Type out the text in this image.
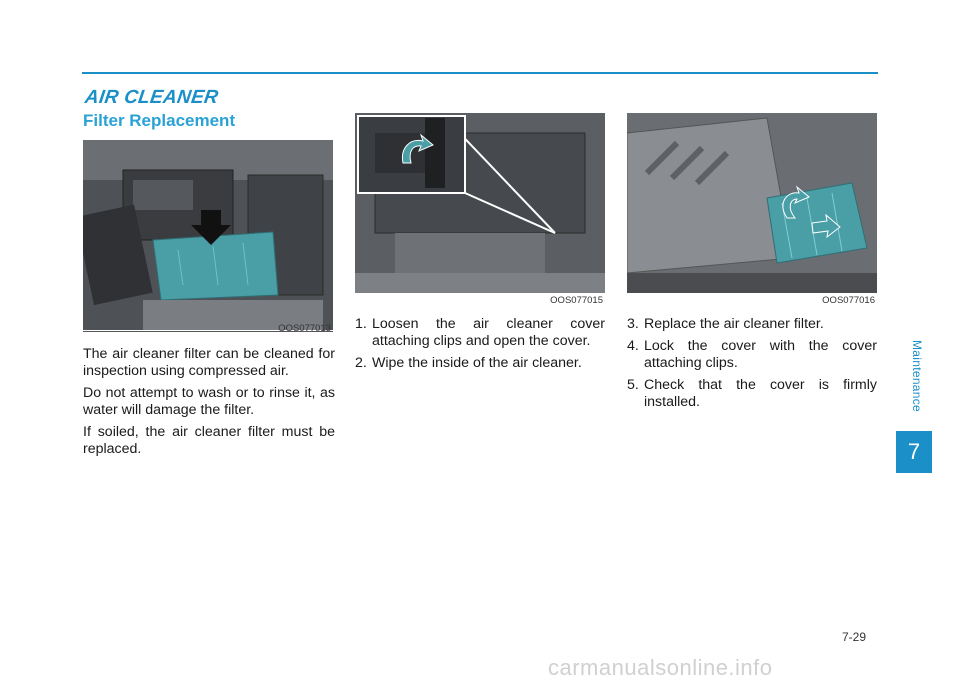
AIR CLEANER
Filter Replacement
OOS077013
OOS077015	OOS077016

The air cleaner filter can be cleaned for inspection using compressed air.

Do not attempt to wash or to rinse it, as water will damage the filter.

If soiled, the air cleaner filter must be replaced.

1. Loosen the air cleaner cover attaching clips and open the cover.
2. Wipe the inside of the air cleaner.
3. Replace the air cleaner filter.
4. Lock the cover with the cover attaching clips.
5. Check that the cover is firmly installed.	Maintenance
7
7-29
carmanualsonline.info
